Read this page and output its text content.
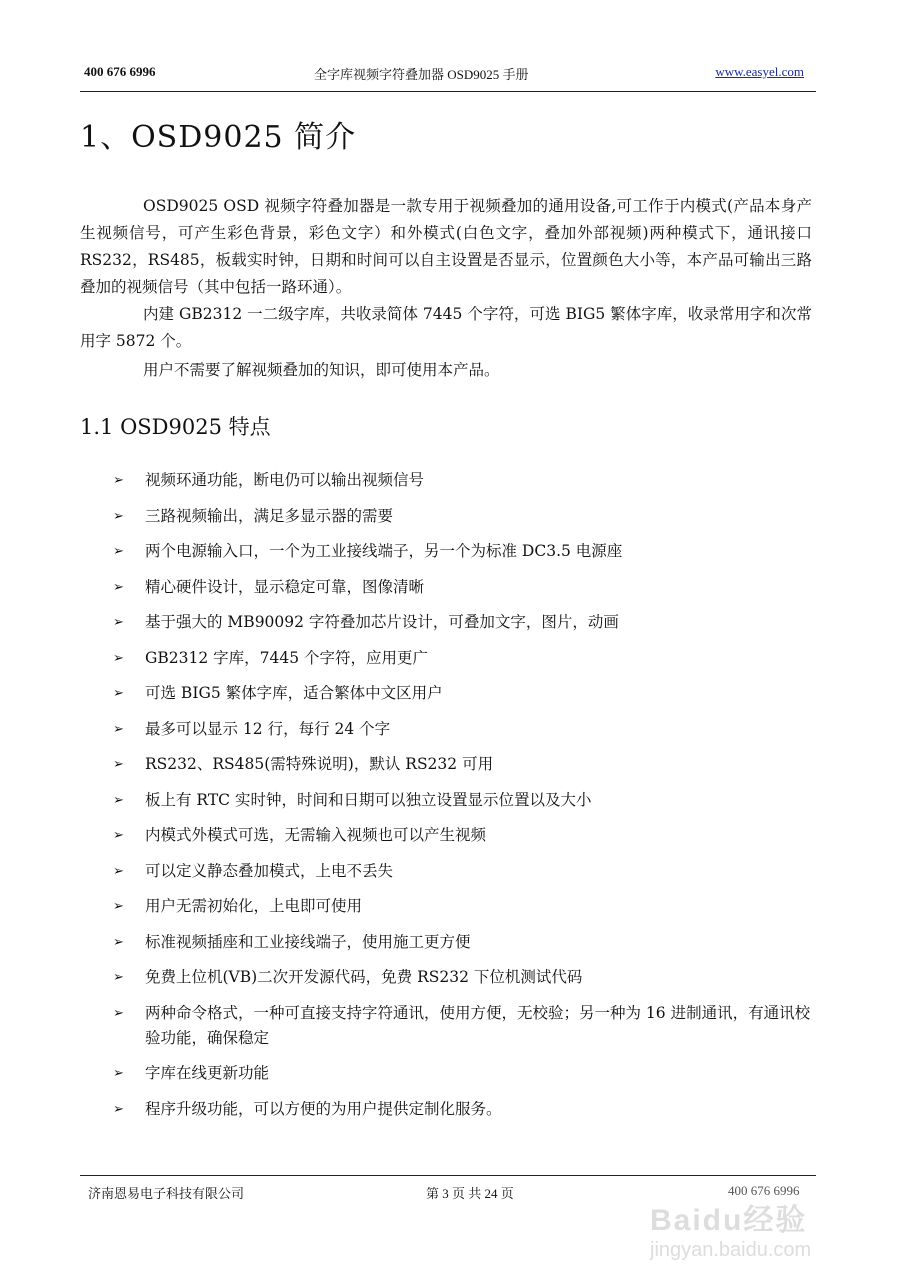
400 676 6996	全字库视频字符叠加器 OSD9025 手册	www.easyel.com
1、OSD9025 简介

OSD9025 OSD 视频字符叠加器是一款专用于视频叠加的通用设备,可工作于内模式(产品本身产生视频信号，可产生彩色背景，彩色文字）和外模式(白色文字，叠加外部视频)两种模式下，通讯接口 RS232，RS485，板载实时钟，日期和时间可以自主设置是否显示，位置颜色大小等，本产品可输出三路叠加的视频信号（其中包括一路环通）。

内建 GB2312 一二级字库，共收录简体 7445 个字符，可选 BIG5 繁体字库，收录常用字和次常用字 5872 个。

用户不需要了解视频叠加的知识，即可使用本产品。

1.1 OSD9025 特点
➢ 视频环通功能，断电仍可以输出视频信号
➢ 三路视频输出，满足多显示器的需要
➢ 两个电源输入口，一个为工业接线端子，另一个为标准 DC3.5 电源座
➢ 精心硬件设计，显示稳定可靠，图像清晰
➢ 基于强大的 MB90092 字符叠加芯片设计，可叠加文字，图片，动画
➢ GB2312 字库，7445 个字符，应用更广
➢ 可选 BIG5 繁体字库，适合繁体中文区用户
➢ 最多可以显示 12 行，每行 24 个字
➢ RS232、RS485(需特殊说明)，默认 RS232 可用
➢ 板上有 RTC 实时钟，时间和日期可以独立设置显示位置以及大小
➢ 内模式外模式可选，无需输入视频也可以产生视频
➢ 可以定义静态叠加模式，上电不丢失
➢ 用户无需初始化，上电即可使用
➢ 标准视频插座和工业接线端子，使用施工更方便
➢ 免费上位机(VB)二次开发源代码，免费 RS232 下位机测试代码
➢ 两种命令格式，一种可直接支持字符通讯，使用方便，无校验；另一种为 16 进制通讯，有通讯校验功能，确保稳定
➢ 字库在线更新功能
➢ 程序升级功能，可以方便的为用户提供定制化服务。
济南恩易电子科技有限公司	第 3 页 共 24 页	400 676 6996
Baidu经验
jingyan.baidu.com
